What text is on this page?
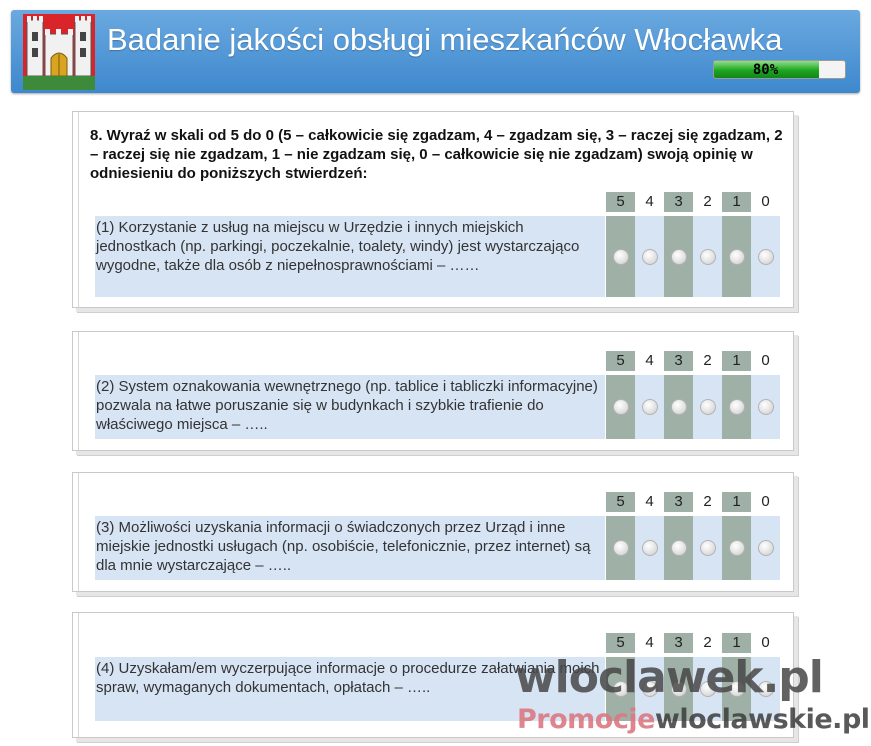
Badanie jakości obsługi mieszkańców Włocławka
80%
8. Wyraź w skali od 5 do 0 (5 – całkowicie się zgadzam, 4 – zgadzam się, 3 – raczej się zgadzam, 2 – raczej się nie zgadzam, 1 – nie zgadzam się, 0 – całkowicie się nie zgadzam) swoją opinię w odniesieniu do poniższych stwierdzeń:
5	4	3	2	1	0
(1) Korzystanie z usług na miejscu w Urzędzie i innych miejskich jednostkach (np. parkingi, poczekalnie, toalety, windy) jest wystarczająco wygodne, także dla osób z niepełnosprawnościami – ……
5	4	3	2	1	0
(2) System oznakowania wewnętrznego (np. tablice i tabliczki informacyjne) pozwala na łatwe poruszanie się w budynkach i szybkie trafienie do właściwego miejsca – …..
5	4	3	2	1	0
(3) Możliwości uzyskania informacji o świadczonych przez Urząd i inne miejskie jednostki usługach (np. osobiście, telefonicznie, przez internet) są dla mnie wystarczające – …..
5	4	3	2	1	0
(4) Uzyskałam/em wyczerpujące informacje o procedurze załatwiania moich spraw, wymaganych dokumentach, opłatach – …..	wloclawek.pl
Promocjewloclawskie.pl
